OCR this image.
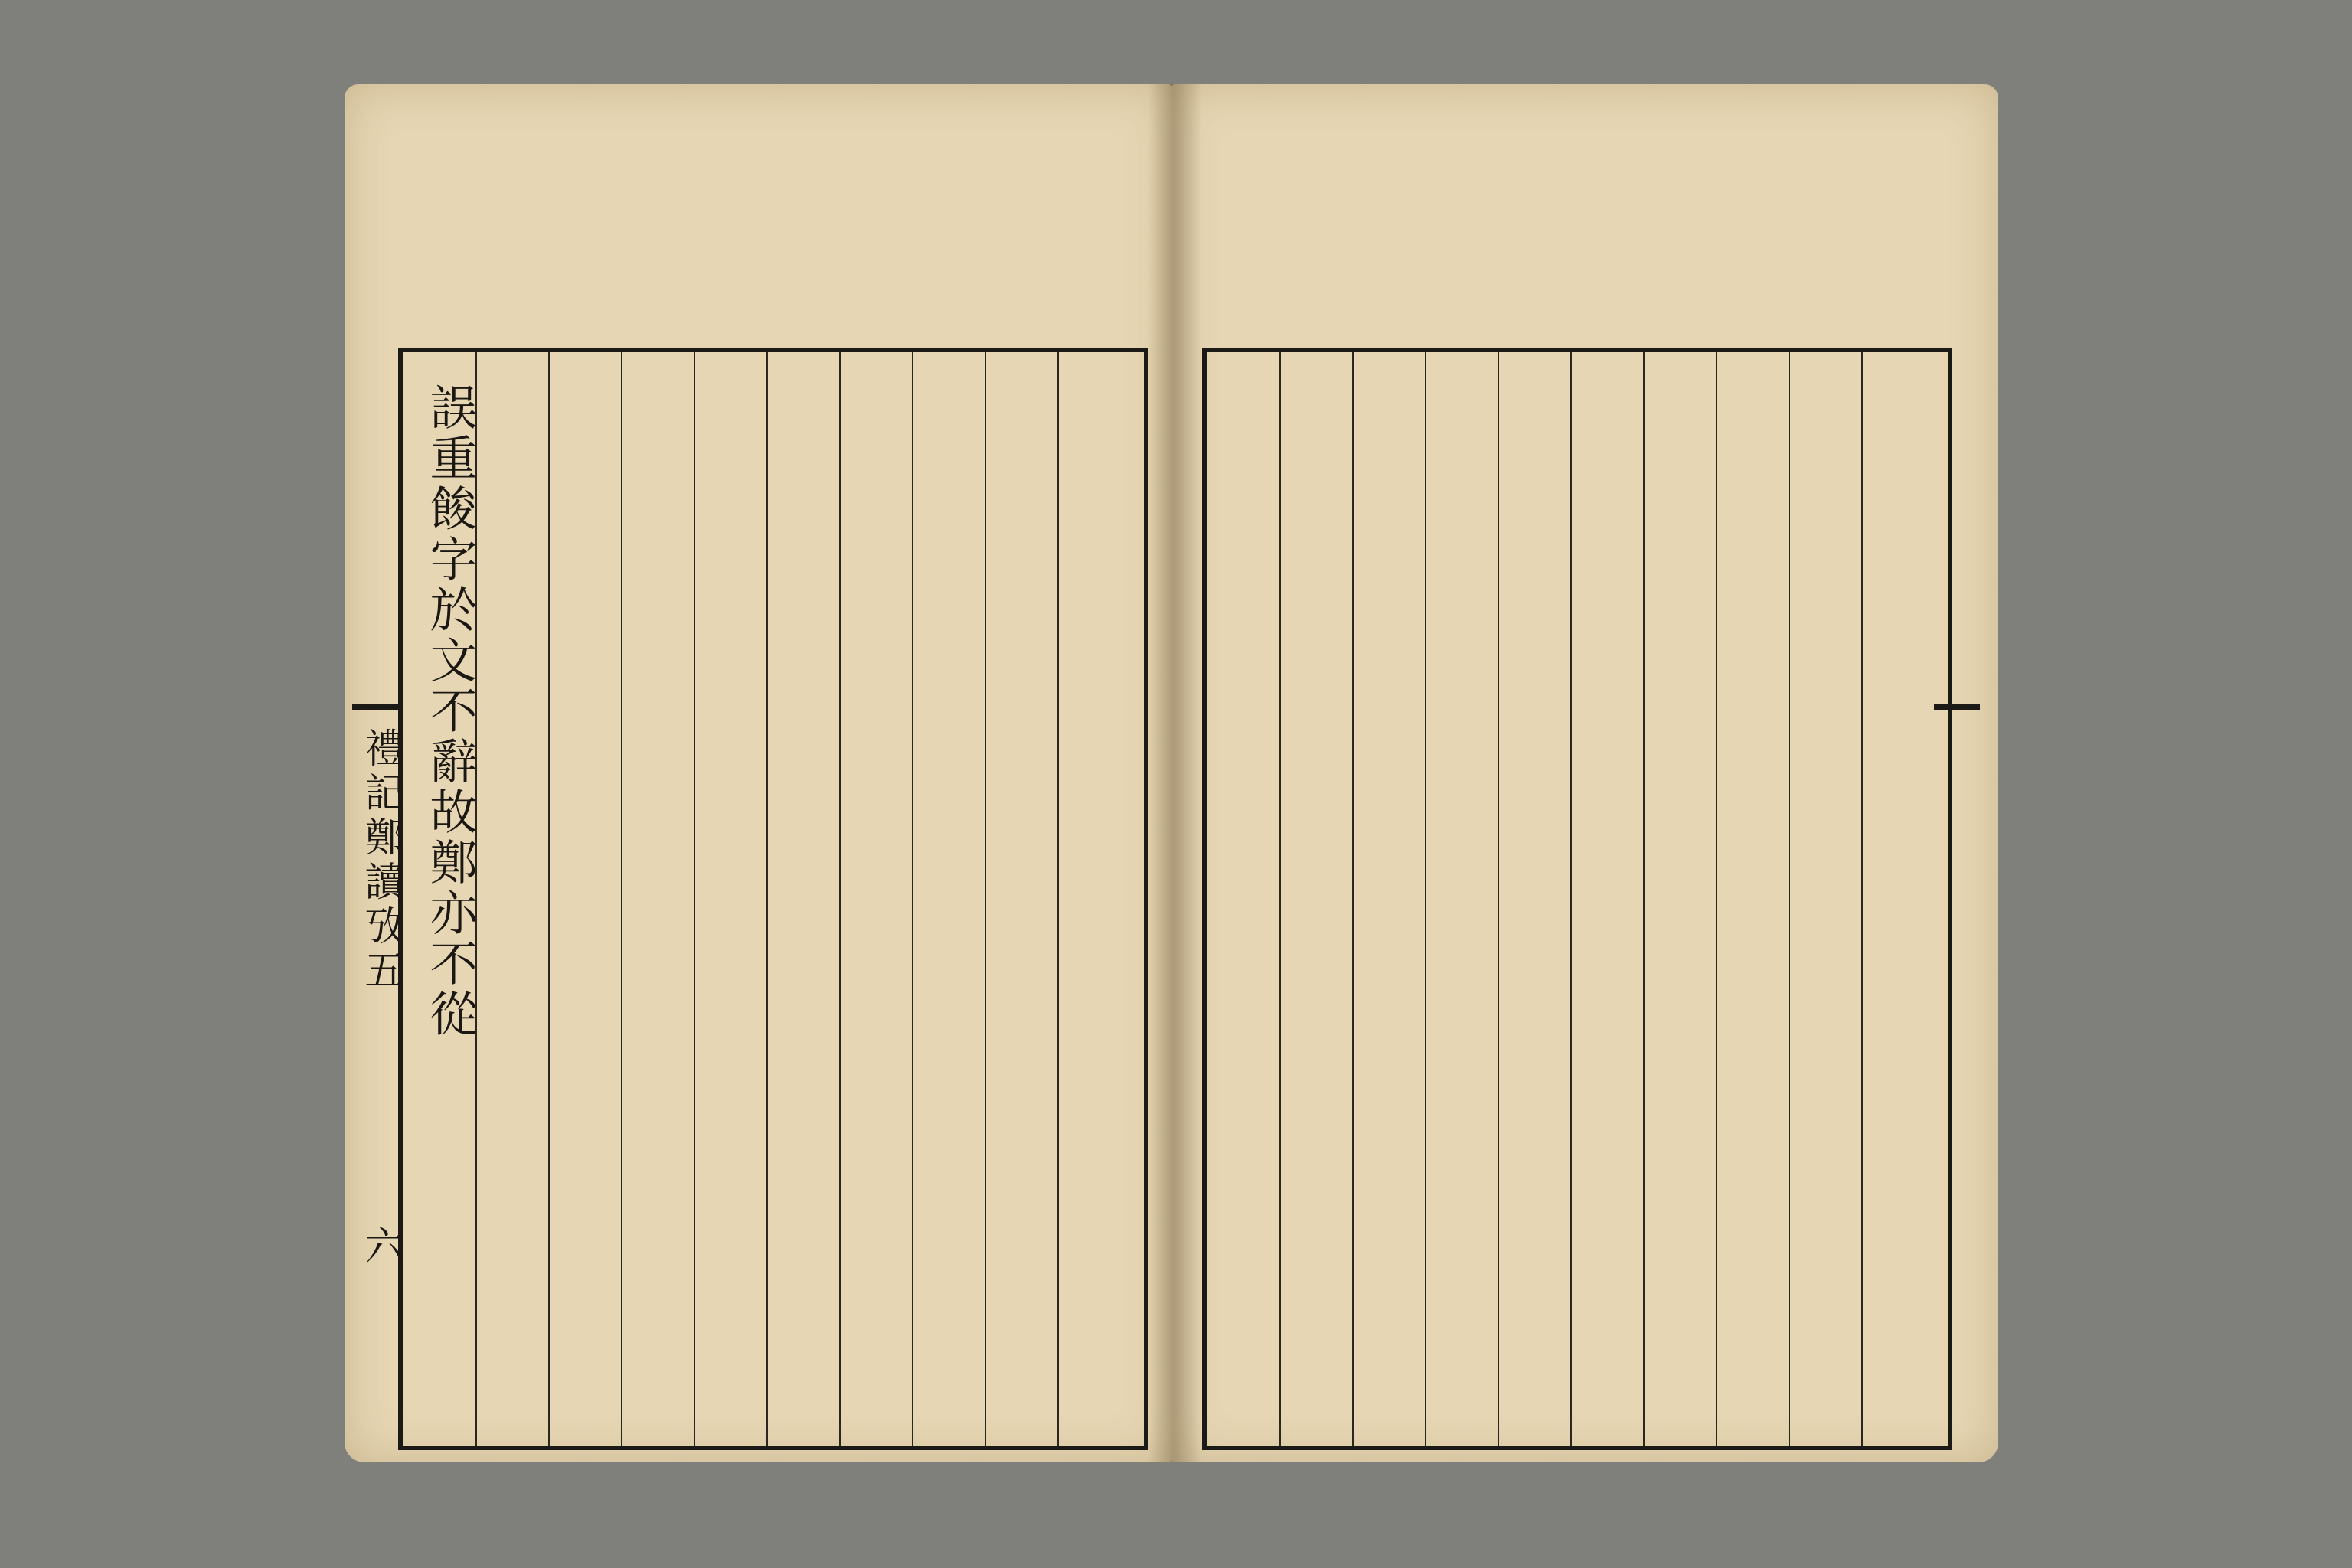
誤重餕字於文不辭故鄭亦不從
禮記鄭讀攷五
六
